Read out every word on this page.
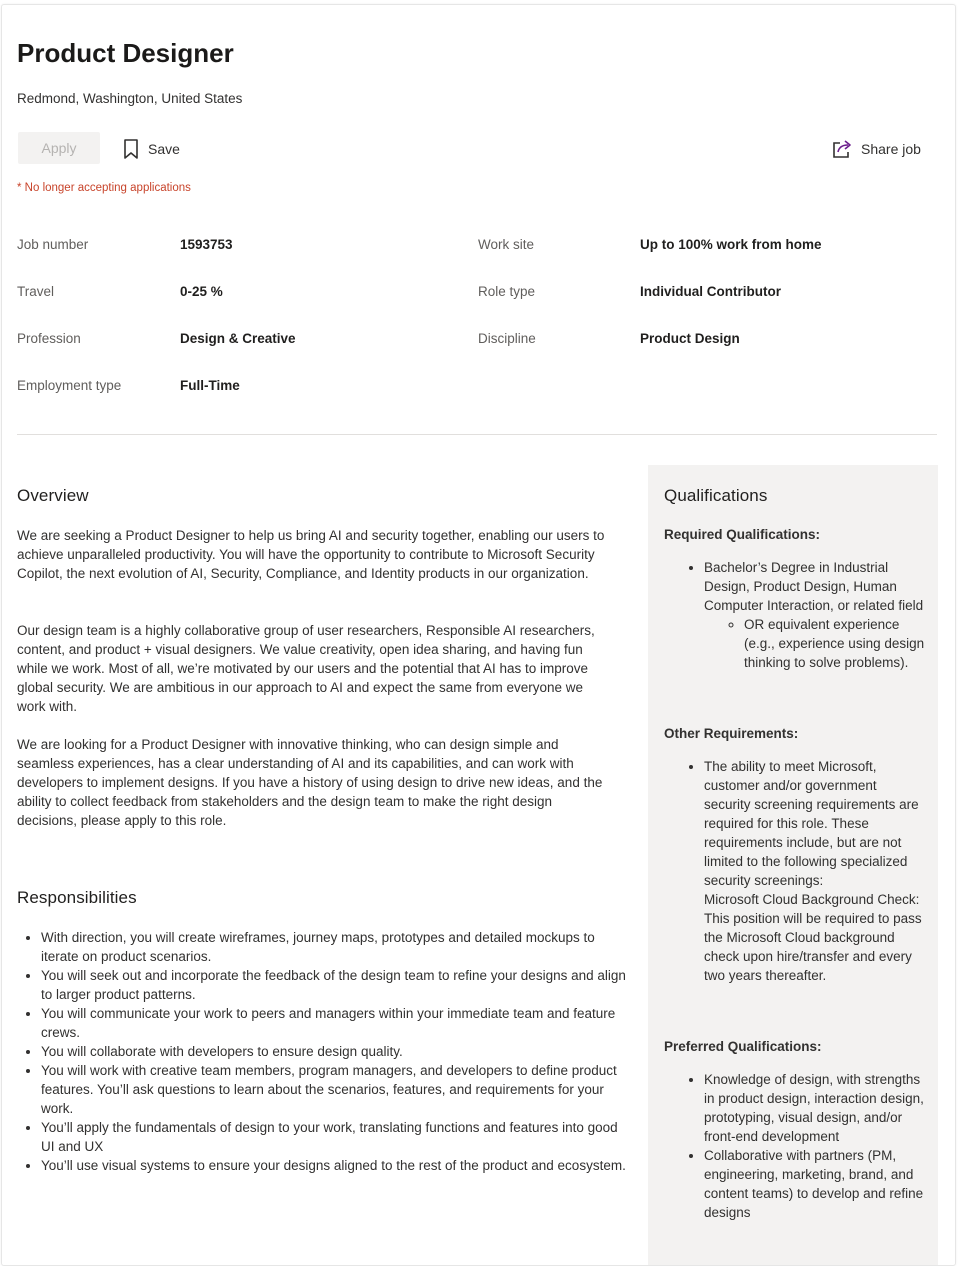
Product Designer
Redmond, Washington, United States
Apply	Save	Share job
* No longer accepting applications
Job number	1593753	Work site	Up to 100% work from home
Travel	0-25 %	Role type	Individual Contributor
Profession	Design & Creative	Discipline	Product Design
Employment type	Full-Time
Overview

We are seeking a Product Designer to help us bring AI and security together, enabling our users to achieve unparalleled productivity. You will have the opportunity to contribute to Microsoft Security Copilot, the next evolution of AI, Security, Compliance, and Identity products in our organization.

Our design team is a highly collaborative group of user researchers, Responsible AI researchers, content, and product + visual designers. We value creativity, open idea sharing, and having fun while we work. Most of all, we’re motivated by our users and the potential that AI has to improve global security. We are ambitious in our approach to AI and expect the same from everyone we work with.

We are looking for a Product Designer with innovative thinking, who can design simple and seamless experiences, has a clear understanding of AI and its capabilities, and can work with developers to implement designs. If you have a history of using design to drive new ideas, and the ability to collect feedback from stakeholders and the design team to make the right design decisions, please apply to this role.

Responsibilities
• With direction, you will create wireframes, journey maps, prototypes and detailed mockups to iterate on product scenarios.
• You will seek out and incorporate the feedback of the design team to refine your designs and align to larger product patterns.
• You will communicate your work to peers and managers within your immediate team and feature crews.
• You will collaborate with developers to ensure design quality.
• You will work with creative team members, program managers, and developers to define product features. You’ll ask questions to learn about the scenarios, features, and requirements for your work.
• You’ll apply the fundamentals of design to your work, translating functions and features into good UI and UX
• You’ll use visual systems to ensure your designs aligned to the rest of the product and ecosystem.
Qualifications

Required Qualifications:

• Bachelor’s Degree in Industrial Design, Product Design, Human Computer Interaction, or related field
◦ OR equivalent experience (e.g., experience using design thinking to solve problems).

Other Requirements:

• The ability to meet Microsoft, customer and/or government security screening requirements are required for this role. These requirements include, but are not limited to the following specialized security screenings:
Microsoft Cloud Background Check: This position will be required to pass the Microsoft Cloud background check upon hire/transfer and every two years thereafter.

Preferred Qualifications:

• Knowledge of design, with strengths in product design, interaction design, prototyping, visual design, and/or front-end development
• Collaborative with partners (PM, engineering, marketing, brand, and content teams) to develop and refine designs
